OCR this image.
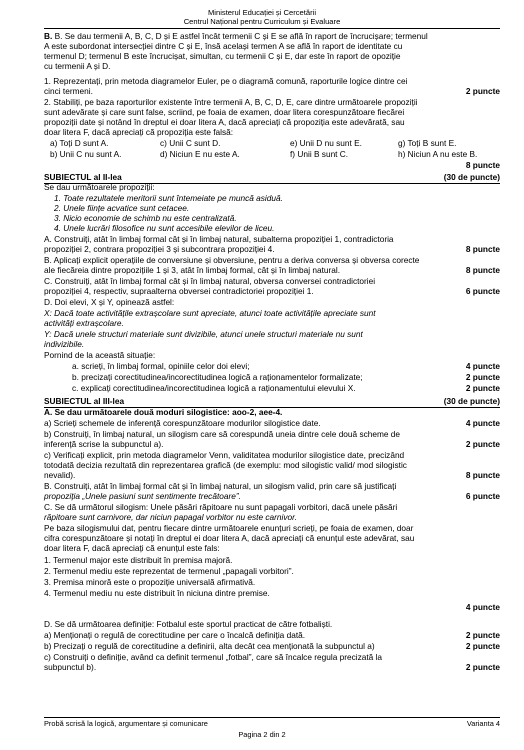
Ministerul Educației și Cercetării
Centrul Național pentru Curriculum și Evaluare
B. B. Se dau termenii A, B, C, D și E astfel încât termenii C și E se află în raport de încrucișare; termenul
A este subordonat intersecției dintre C și E, însă același termen A se află în raport de identitate cu
termenul D; termenul B este încrucișat, simultan, cu termenii C și E, dar este în raport de opoziție
cu termenii A și D.
1. Reprezentați, prin metoda diagramelor Euler, pe o diagramă comună, raporturile logice dintre cei
cinci termeni.	2 puncte
2. Stabiliți, pe baza raporturilor existente între termenii A, B, C, D, E, care dintre următoarele propoziții
sunt adevărate și care sunt false, scriind, pe foaia de examen, doar litera corespunzătoare fiecărei
propoziții date și notând în dreptul ei doar litera A, dacă apreciați că propoziția este adevărată, sau
doar litera F, dacă apreciați că propoziția este falsă:
a) Toți D sunt A.	c) Unii C sunt D.	e) Unii D nu sunt E.	g) Toți B sunt E.
b) Unii C nu sunt A.	d) Niciun E nu este A.	f) Unii B sunt C.	h) Niciun A nu este B.
8 puncte
SUBIECTUL al II-lea	(30 de puncte)
Se dau următoarele propoziții:
1. Toate rezultatele meritorii sunt întemeiate pe muncă asiduă.
2. Unele ființe acvatice sunt cetacee.
3. Nicio economie de schimb nu este centralizată.
4. Unele lucrări filosofice nu sunt accesibile elevilor de liceu.
A. Construiți, atât în limbaj formal cât și în limbaj natural, subalterna propoziției 1, contradictoria
propoziției 2, contrara propoziției 3 și subcontrara propoziției 4.	8 puncte
B. Aplicați explicit operațiile de conversiune și obversiune, pentru a deriva conversa și obversa corecte
ale fiecăreia dintre propozițiile 1 și 3, atât în limbaj formal, cât și în limbaj natural.	8 puncte
C. Construiți, atât în limbaj formal cât și în limbaj natural, obversa conversei contradictoriei
propoziției 4, respectiv, supraalterna obversei contradictoriei propoziției 1.	6 puncte
D. Doi elevi, X și Y, opinează astfel:
X: Dacă toate activitățile extrașcolare sunt apreciate, atunci toate activitățile apreciate sunt
activități extrașcolare.
Y: Dacă unele structuri materiale sunt divizibile, atunci unele structuri materiale nu sunt
indivizibile.
Pornind de la această situație:
a. scrieți, în limbaj formal, opiniile celor doi elevi;	4 puncte
b. precizați corectitudinea/incorectitudinea logică a raționamentelor formalizate;	2 puncte
c. explicați corectitudinea/incorectitudinea logică a raționamentului elevului X.	2 puncte
SUBIECTUL al III-lea	(30 de puncte)
A. Se dau următoarele două moduri silogistice: aoo-2, aee-4.
a) Scrieți schemele de inferență corespunzătoare modurilor silogistice date.	4 puncte
b) Construiți, în limbaj natural, un silogism care să corespundă uneia dintre cele două scheme de
inferență scrise la subpunctul a).	2 puncte
c) Verificați explicit, prin metoda diagramelor Venn, validitatea modurilor silogistice date, precizând
totodată decizia rezultată din reprezentarea grafică (de exemplu: mod silogistic valid/ mod silogistic
nevalid).	8 puncte
B. Construiți, atât în limbaj formal cât și în limbaj natural, un silogism valid, prin care să justificați
propoziția „Unele pasiuni sunt sentimente trecătoare”.	6 puncte
C. Se dă următorul silogism: Unele păsări răpitoare nu sunt papagali vorbitori, dacă unele păsări
răpitoare sunt carnivore, dar niciun papagal vorbitor nu este carnivor.
Pe baza silogismului dat, pentru fiecare dintre următoarele enunțuri scrieți, pe foaia de examen, doar
cifra corespunzătoare și notați în dreptul ei doar litera A, dacă apreciați că enunțul este adevărat, sau
doar litera F, dacă apreciați că enunțul este fals:
1. Termenul major este distribuit în premisa majoră.
2. Termenul mediu este reprezentat de termenul „papagali vorbitori”.
3. Premisa minoră este o propoziție universală afirmativă.
4. Termenul mediu nu este distribuit în niciuna dintre premise.
4 puncte
D. Se dă următoarea definiție: Fotbalul este sportul practicat de către fotbaliști.
a) Menționați o regulă de corectitudine per care o încalcă definiția dată.	2 puncte
b) Precizați o regulă de corectitudine a definirii, alta decât cea menționată la subpunctul a)	2 puncte
c) Construiți o definiție, având ca definit termenul „fotbal”, care să încalce regula precizată la
subpunctul b).	2 puncte
Probă scrisă la logică, argumentare și comunicare	Varianta 4
Pagina 2 din 2
